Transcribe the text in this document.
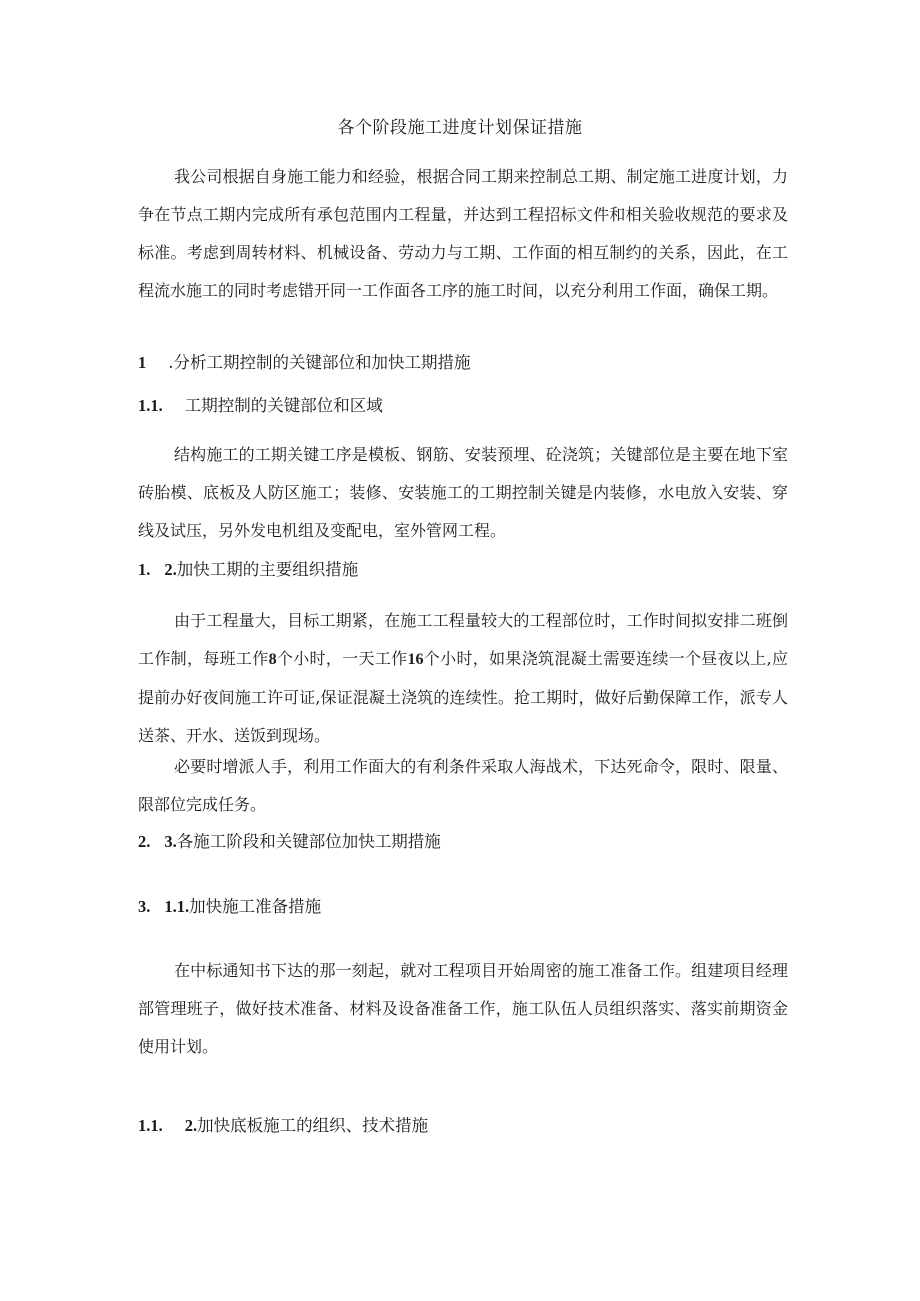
各个阶段施工进度计划保证措施

我公司根据自身施工能力和经验，根据合同工期来控制总工期、制定施工进度计划，力争在节点工期内完成所有承包范围内工程量，并达到工程招标文件和相关验收规范的要求及标准。考虑到周转材料、机械设备、劳动力与工期、工作面的相互制约的关系，因此，在工程流水施工的同时考虑错开同一工作面各工序的施工时间，以充分利用工作面，确保工期。

1 .分析工期控制的关键部位和加快工期措施
1.1. 工期控制的关键部位和区域

结构施工的工期关键工序是模板、钢筋、安装预埋、砼浇筑；关键部位是主要在地下室砖胎模、底板及人防区施工；装修、安装施工的工期控制关键是内装修，水电放入安装、穿线及试压，另外发电机组及变配电，室外管网工程。

1. 2.加快工期的主要组织措施

由于工程量大，目标工期紧，在施工工程量较大的工程部位时，工作时间拟安排二班倒工作制，每班工作8个小时，一天工作16个小时，如果浇筑混凝土需要连续一个昼夜以上,应提前办好夜间施工许可证,保证混凝土浇筑的连续性。抢工期时，做好后勤保障工作，派专人送茶、开水、送饭到现场。

必要时增派人手，利用工作面大的有利条件采取人海战术，下达死命令，限时、限量、限部位完成任务。

2. 3.各施工阶段和关键部位加快工期措施
3. 1.1.加快施工准备措施

在中标通知书下达的那一刻起，就对工程项目开始周密的施工准备工作。组建项目经理部管理班子，做好技术准备、材料及设备准备工作，施工队伍人员组织落实、落实前期资金使用计划。

1.1. 2.加快底板施工的组织、技术措施
